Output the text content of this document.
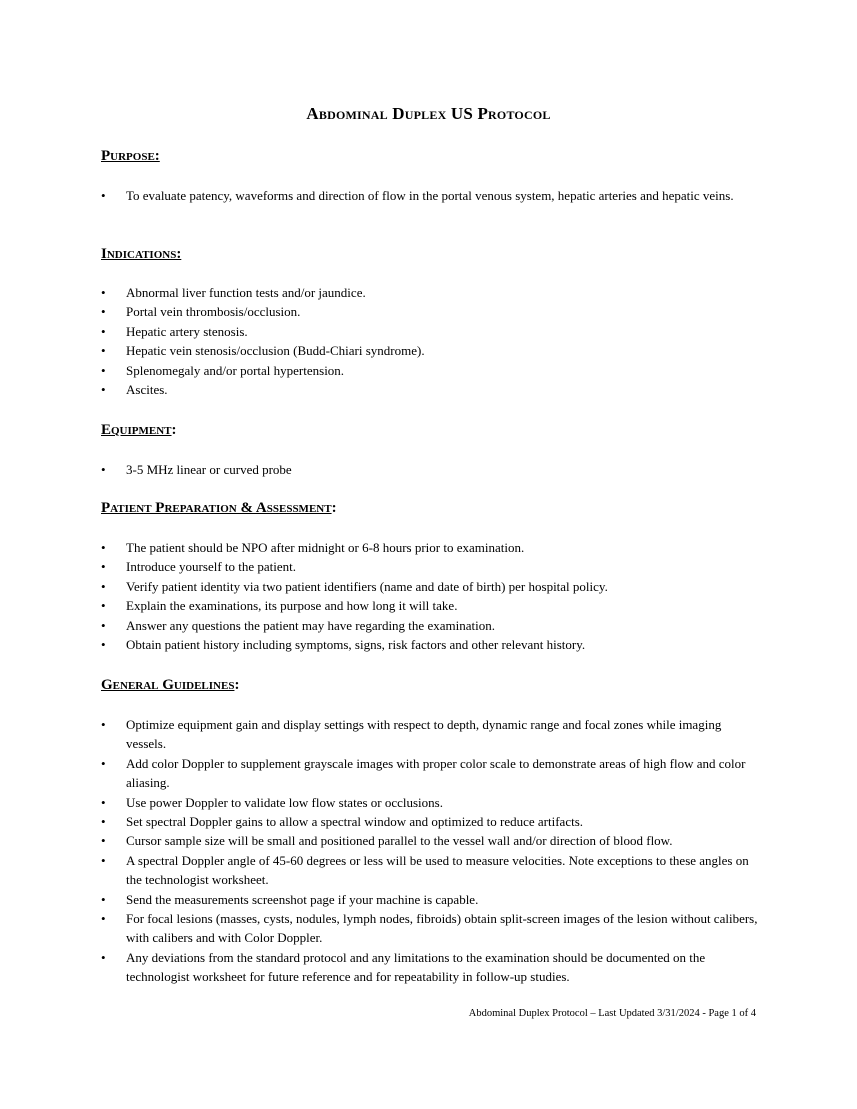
Abdominal Duplex US Protocol
Purpose:
• To evaluate patency, waveforms and direction of flow in the portal venous system, hepatic arteries and hepatic veins.
Indications:
• Abnormal liver function tests and/or jaundice.
• Portal vein thrombosis/occlusion.
• Hepatic artery stenosis.
• Hepatic vein stenosis/occlusion (Budd-Chiari syndrome).
• Splenomegaly and/or portal hypertension.
• Ascites.
Equipment:
• 3-5 MHz linear or curved probe
Patient Preparation & Assessment:
• The patient should be NPO after midnight or 6-8 hours prior to examination.
• Introduce yourself to the patient.
• Verify patient identity via two patient identifiers (name and date of birth) per hospital policy.
• Explain the examinations, its purpose and how long it will take.
• Answer any questions the patient may have regarding the examination.
• Obtain patient history including symptoms, signs, risk factors and other relevant history.
General Guidelines:
• Optimize equipment gain and display settings with respect to depth, dynamic range and focal zones while imaging vessels.
• Add color Doppler to supplement grayscale images with proper color scale to demonstrate areas of high flow and color aliasing.
• Use power Doppler to validate low flow states or occlusions.
• Set spectral Doppler gains to allow a spectral window and optimized to reduce artifacts.
• Cursor sample size will be small and positioned parallel to the vessel wall and/or direction of blood flow.
• A spectral Doppler angle of 45-60 degrees or less will be used to measure velocities. Note exceptions to these angles on the technologist worksheet.
• Send the measurements screenshot page if your machine is capable.
• For focal lesions (masses, cysts, nodules, lymph nodes, fibroids) obtain split-screen images of the lesion without calibers, with calibers and with Color Doppler.
• Any deviations from the standard protocol and any limitations to the examination should be documented on the technologist worksheet for future reference and for repeatability in follow-up studies.
Abdominal Duplex Protocol – Last Updated 3/31/2024 - Page 1 of 4
